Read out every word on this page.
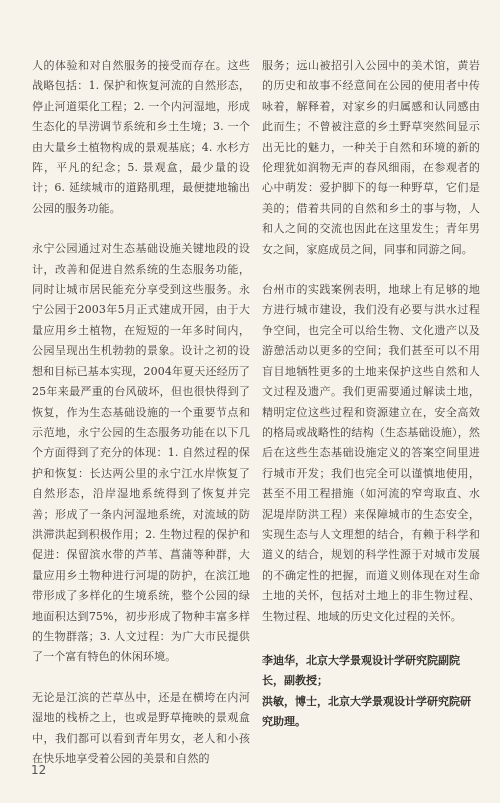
人的体验和对自然服务的接受而存在。这些战略包括：1. 保护和恢复河流的自然形态，停止河道渠化工程；2. 一个内河湿地，形成生态化的旱涝调节系统和乡土生境；3. 一个由大量乡土植物构成的景观基底；4. 水杉方阵，平凡的纪念；5. 景观盒，最少量的设计；6. 延续城市的道路肌理，最便捷地输出公园的服务功能。

永宁公园通过对生态基础设施关键地段的设计，改善和促进自然系统的生态服务功能，同时让城市居民能充分享受到这些服务。永宁公园于2003年5月正式建成开园，由于大量应用乡土植物，在短短的一年多时间内，公园呈现出生机勃勃的景象。设计之初的设想和目标已基本实现，2004年夏天还经历了25年来最严重的台风破坏，但也很快得到了恢复，作为生态基础设施的一个重要节点和示范地，永宁公园的生态服务功能在以下几个方面得到了充分的体现：1. 自然过程的保护和恢复：长达两公里的永宁江水岸恢复了自然形态，沿岸湿地系统得到了恢复并完善；形成了一条内河湿地系统，对流域的防洪滞洪起到积极作用；2. 生物过程的保护和促进：保留滨水带的芦苇、菖蒲等种群，大量应用乡土物种进行河堤的防护，在滨江地带形成了多样化的生境系统，整个公园的绿地面积达到75%，初步形成了物种丰富多样的生物群落；3. 人文过程：为广大市民提供了一个富有特色的休闲环境。

无论是江滨的芒草丛中，还是在横垮在内河湿地的栈桥之上，也或是野草掩映的景观盒中，我们都可以看到青年男女，老人和小孩在快乐地享受着公园的美景和自然的

服务；远山被招引入公园中的美术馆，黄岩的历史和故事不经意间在公园的使用者中传咏着，解释着，对家乡的归属感和认同感由此而生；不曾被注意的乡土野草突然间显示出无比的魅力，一种关于自然和环境的新的伦理犹如润物无声的春风细雨，在参观者的心中萌发：爱护脚下的每一种野草，它们是美的；借着共同的自然和乡土的事与物，人和人之间的交流也因此在这里发生；青年男女之间，家庭成员之间，同事和同游之间。

台州市的实践案例表明，地球上有足够的地方进行城市建设，我们没有必要与洪水过程争空间，也完全可以给生物、文化遗产以及游憩活动以更多的空间；我们甚至可以不用盲目地牺牲更多的土地来保护这些自然和人文过程及遗产。我们更需要通过解读土地，精明定位这些过程和资源建立在，安全高效的格局或战略性的结构（生态基础设施），然后在这些生态基础设施定义的答案空间里进行城市开发；我们也完全可以谨慎地使用，甚至不用工程措施（如河流的窄弯取直、水泥堤岸防洪工程）来保障城市的生态安全，实现生态与人文理想的结合，有赖于科学和道义的结合，规划的科学性源于对城市发展的不确定性的把握，而道义则体现在对生命土地的关怀，包括对土地上的非生物过程、生物过程、地域的历史文化过程的关怀。

李迪华，北京大学景观设计学研究院副院长，副教授；

洪敏，博士，北京大学景观设计学研究院研究助理。

12
